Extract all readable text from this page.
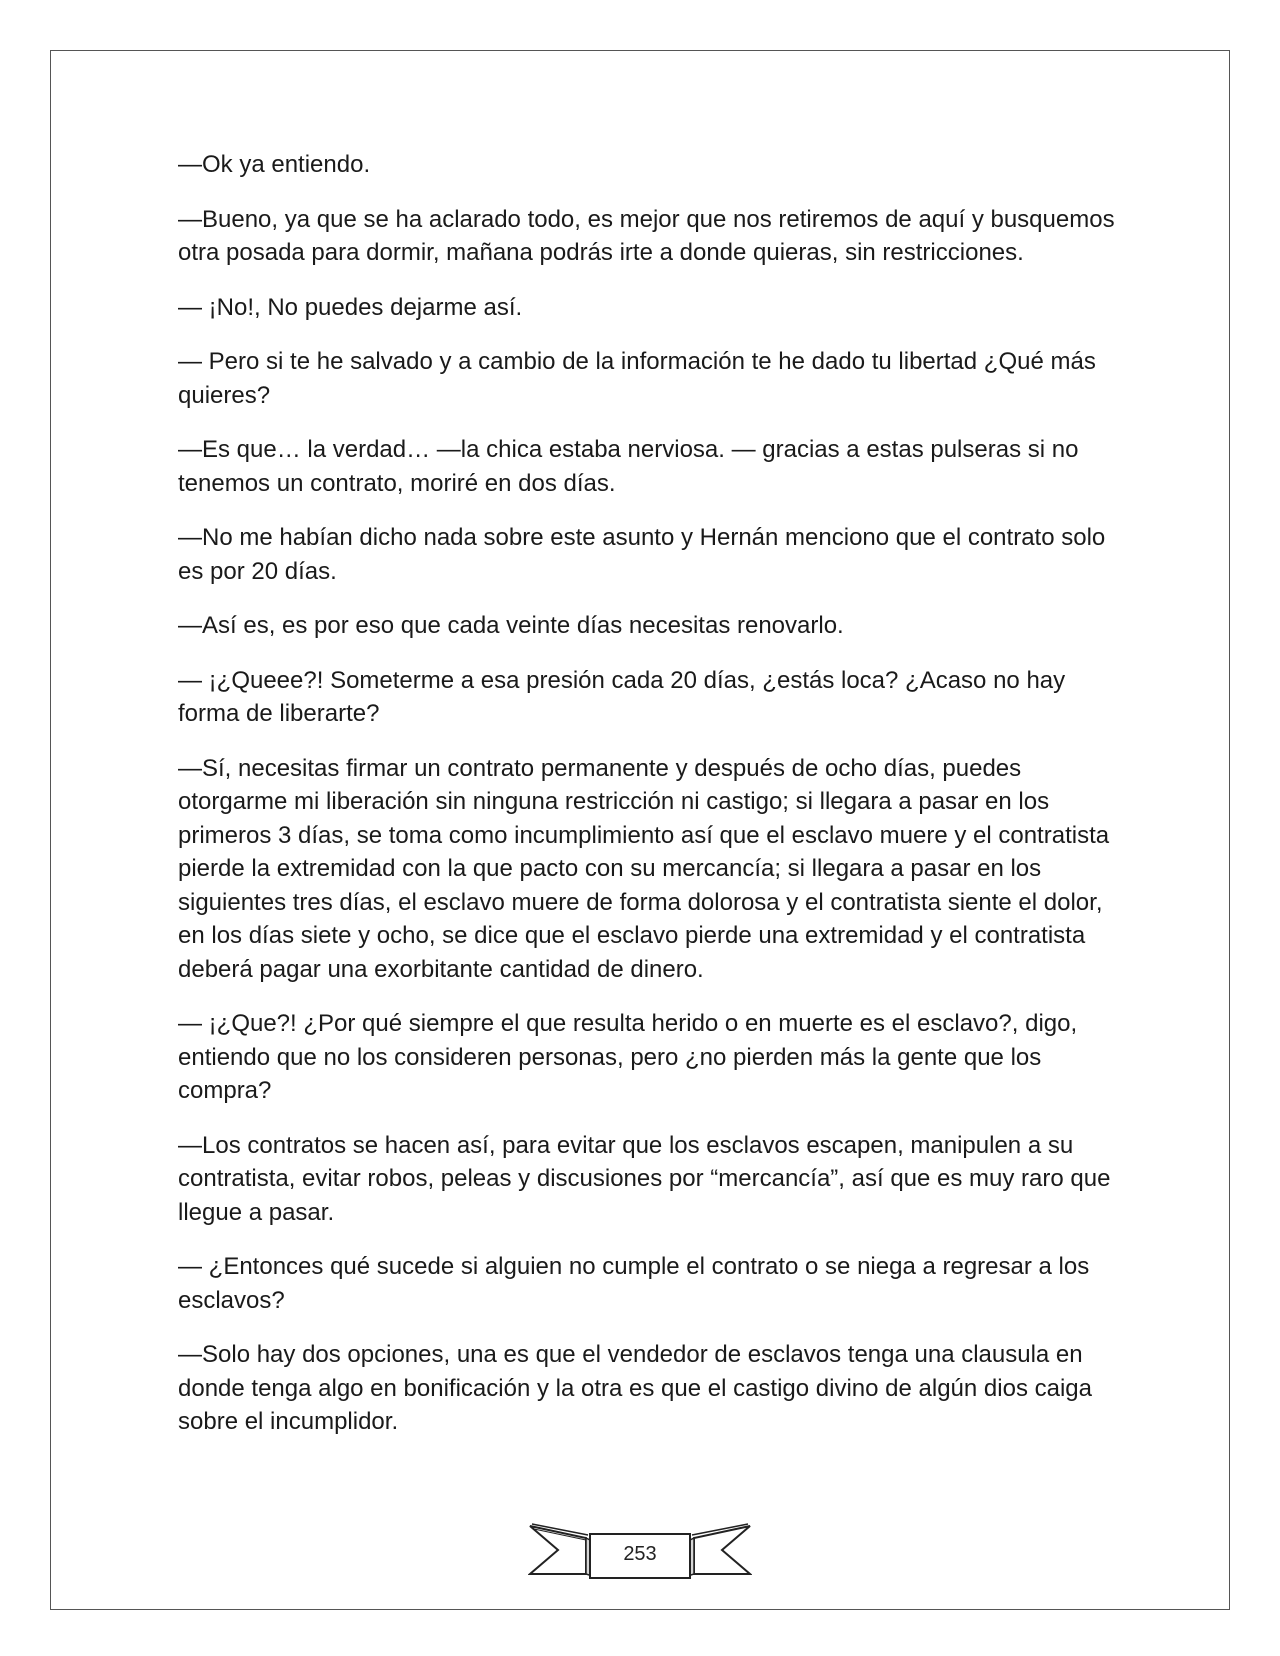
—Ok ya entiendo.

—Bueno, ya que se ha aclarado todo, es mejor que nos retiremos de aquí y busquemos otra posada para dormir, mañana podrás irte a donde quieras, sin restricciones.

— ¡No!, No puedes dejarme así.

— Pero si te he salvado y a cambio de la información te he dado tu libertad ¿Qué más quieres?

—Es que… la verdad… —la chica estaba nerviosa. — gracias a estas pulseras si no tenemos un contrato, moriré en dos días.

—No me habían dicho nada sobre este asunto y Hernán menciono que el contrato solo es por 20 días.

—Así es, es por eso que cada veinte días necesitas renovarlo.

— ¡¿Queee?! Someterme a esa presión cada 20 días, ¿estás loca? ¿Acaso no hay forma de liberarte?

—Sí, necesitas firmar un contrato permanente y después de ocho días, puedes otorgarme mi liberación sin ninguna restricción ni castigo; si llegara a pasar en los primeros 3 días, se toma como incumplimiento así que el esclavo muere y el contratista pierde la extremidad con la que pacto con su mercancía; si llegara a pasar en los siguientes tres días, el esclavo muere de forma dolorosa y el contratista siente el dolor, en los días siete y ocho, se dice que el esclavo pierde una extremidad y el contratista deberá pagar una exorbitante cantidad de dinero.

— ¡¿Que?! ¿Por qué siempre el que resulta herido o en muerte es el esclavo?, digo, entiendo que no los consideren personas, pero ¿no pierden más la gente que los compra?

—Los contratos se hacen así, para evitar que los esclavos escapen, manipulen a su contratista, evitar robos, peleas y discusiones por “mercancía”, así que es muy raro que llegue a pasar.

— ¿Entonces qué sucede si alguien no cumple el contrato o se niega a regresar a los esclavos?

—Solo hay dos opciones, una es que el vendedor de esclavos tenga una clausula en donde tenga algo en bonificación y la otra es que el castigo divino de algún dios caiga sobre el incumplidor.

253
